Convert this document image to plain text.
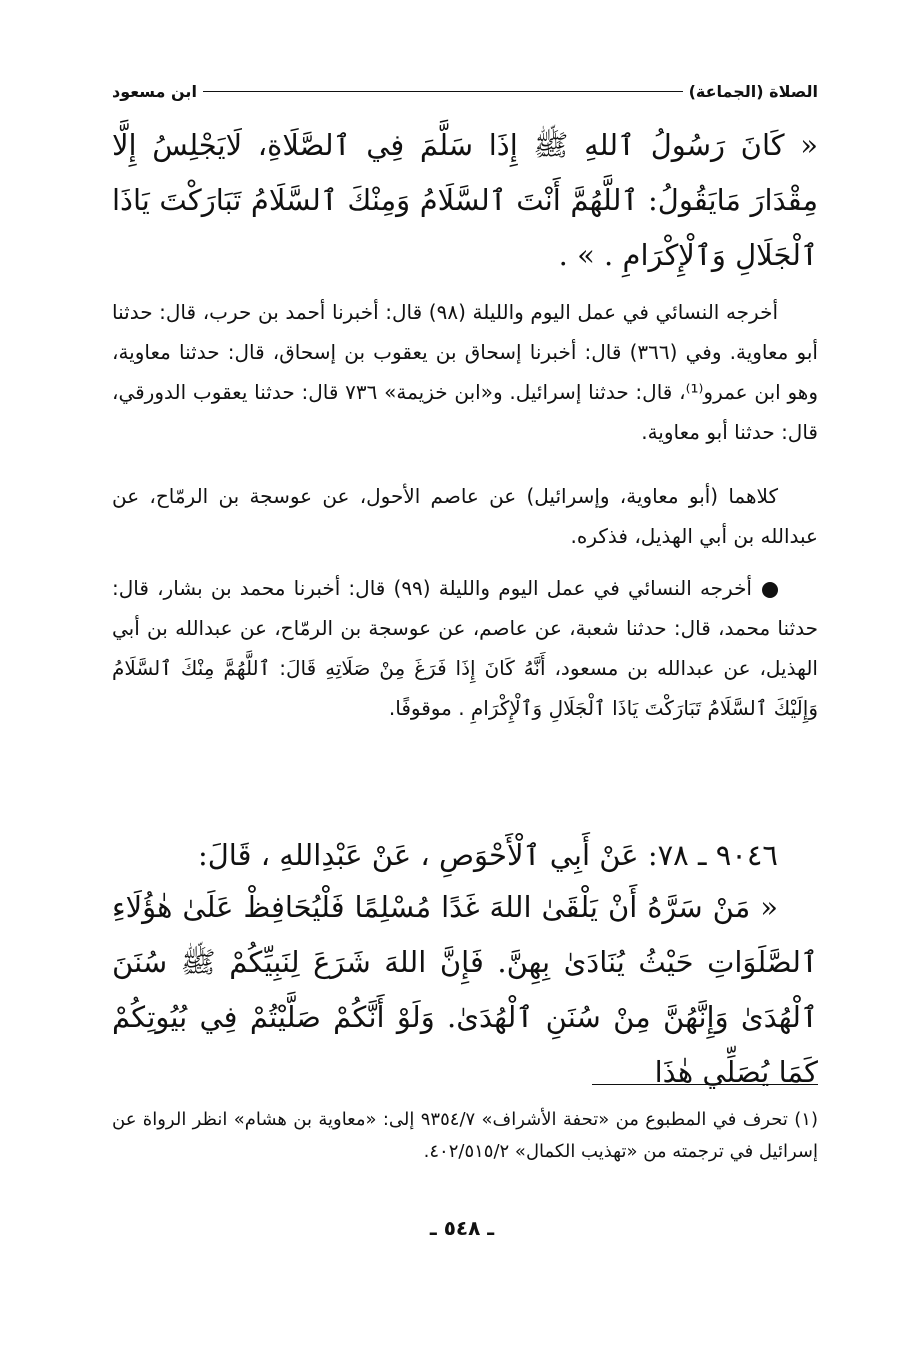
الصلاة (الجماعة)
ابن مسعود
« كَانَ رَسُولُ ٱللهِ ﷺ إِذَا سَلَّمَ فِي ٱلصَّلَاةِ، لَايَجْلِسُ إِلَّا مِقْدَارَ مَايَقُولُ: ٱللَّهُمَّ أَنْتَ ٱلسَّلَامُ وَمِنْكَ ٱلسَّلَامُ تَبَارَكْتَ يَاذَا ٱلْجَلَالِ وَٱلْإِكْرَامِ . » .
أخرجه النسائي في عمل اليوم والليلة (٩٨) قال: أخبرنا أحمد بن حرب، قال: حدثنا أبو معاوية. وفي (٣٦٦) قال: أخبرنا إسحاق بن يعقوب بن إسحاق، قال: حدثنا معاوية، وهو ابن عمرو⁽¹⁾، قال: حدثنا إسرائيل. و«ابن خزيمة» ٧٣٦ قال: حدثنا يعقوب الدورقي، قال: حدثنا أبو معاوية.
كلاهما (أبو معاوية، وإسرائيل) عن عاصم الأحول، عن عوسجة بن الرمّاح، عن عبدالله بن أبي الهذيل، فذكره.
أخرجه النسائي في عمل اليوم والليلة (٩٩) قال: أخبرنا محمد بن بشار، قال: حدثنا محمد، قال: حدثنا شعبة، عن عاصم، عن عوسجة بن الرمّاح، عن عبدالله بن أبي الهذيل، عن عبدالله بن مسعود، أَنَّهُ كَانَ إِذَا فَرَغَ مِنْ صَلَاتِهِ قَالَ: ٱللَّهُمَّ مِنْكَ ٱلسَّلَامُ وَإِلَيْكَ ٱلسَّلَامُ تَبَارَكْتَ يَاذَا ٱلْجَلَالِ وَٱلْإِكْرَامِ . موقوفًا.
٩٠٤٦ ـ ٧٨: عَنْ أَبِي ٱلْأَحْوَصِ ، عَنْ عَبْدِاللهِ ، قَالَ:
« مَنْ سَرَّهُ أَنْ يَلْقَىٰ اللهَ غَدًا مُسْلِمًا فَلْيُحَافِظْ عَلَىٰ هٰؤُلَاءِ ٱلصَّلَوَاتِ حَيْثُ يُنَادَىٰ بِهِنَّ. فَإِنَّ اللهَ شَرَعَ لِنَبِيِّكُمْ ﷺ سُنَنَ ٱلْهُدَىٰ وَإِنَّهُنَّ مِنْ سُنَنِ ٱلْهُدَىٰ. وَلَوْ أَنَّكُمْ صَلَّيْتُمْ فِي بُيُوتِكُمْ كَمَا يُصَلِّي هٰذَا
(١) تحرف في المطبوع من «تحفة الأشراف» ٩٣٥٤/٧ إلى: «معاوية بن هشام» انظر الرواة عن إسرائيل في ترجمته من «تهذيب الكمال» ٤٠٢/٥١٥/٢.
ـ ٥٤٨ ـ
